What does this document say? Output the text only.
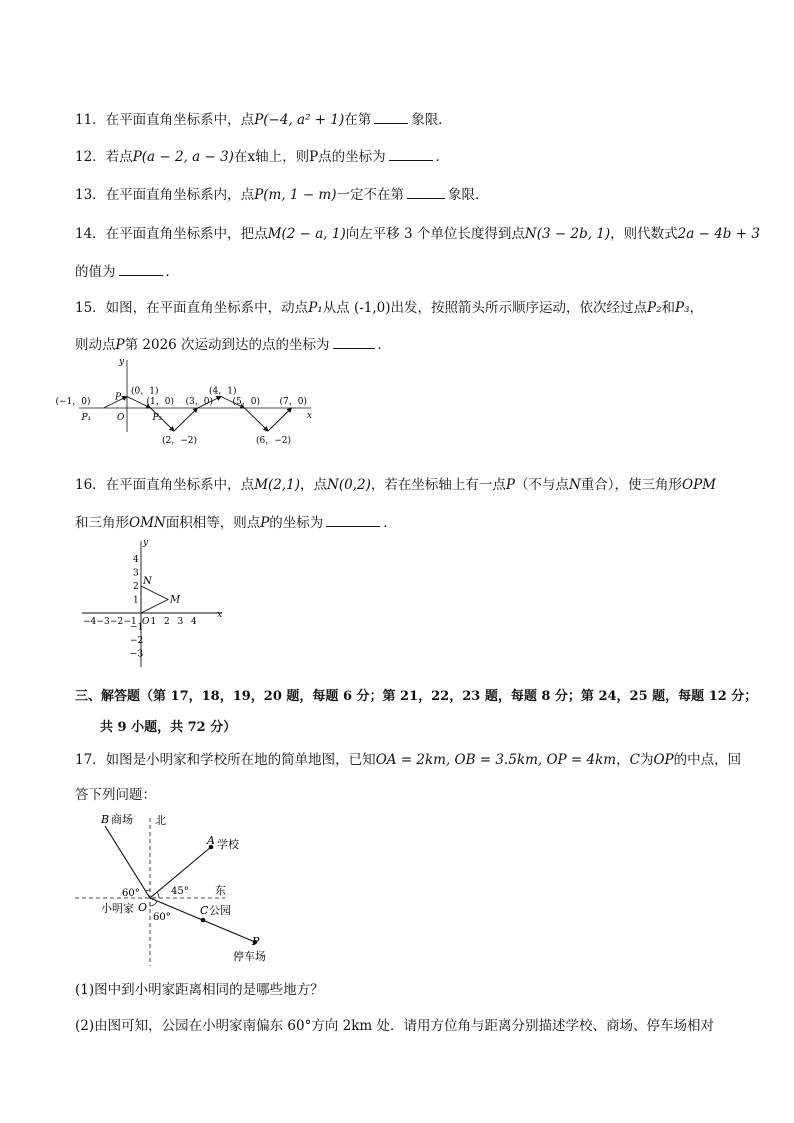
11．在平面直角坐标系中，点P(−4, a² + 1)在第	象限．
12．若点P(a − 2, a − 3)在x轴上，则P点的坐标为	．
13．在平面直角坐标系内，点P(m, 1 − m)一定不在第	象限．
14．在平面直角坐标系中，把点M(2 − a, 1)向左平移 3 个单位长度得到点N(3 − 2b, 1)，则代数式2a − 4b + 3
的值为	．
15．如图，在平面直角坐标系中，动点P₁从点 (-1,0)出发，按照箭头所示顺序运动，依次经过点P₂和P₃，
则动点P第 2026 次运动到达的点的坐标为	．
y
x
O
(−1，0)
P₁
(0，1)
P₂ (1，0)
P₃
(2，−2)
(3，0)
(4，1)
(5，0)
(6，−2)
(7，0)
16．在平面直角坐标系中，点M(2,1)，点N(0,2)，若在坐标轴上有一点P（不与点N重合），使三角形OPM
和三角形OMN面积相等，则点P的坐标为	．
−4 −3 −2 −1 1 2 3 4
4
3
2
1
−1
−2
−3
O
x
y
N
M
三、解答题（第 17，18，19，20 题，每题 6 分；第 21，22，23 题，每题 8 分；第 24，25 题，每题 12 分；
共 9 小题，共 72 分）
17．如图是小明家和学校所在地的简单地图，已知OA = 2km, OB = 3.5km, OP = 4km，C为OP的中点，回
答下列问题：
北
东
B 商场
A 学校
60°	45°
小明家 O
60°
C 公园
P
停车场
(1)图中到小明家距离相同的是哪些地方？
(2)由图可知，公园在小明家南偏东 60°方向 2km 处．请用方位角与距离分别描述学校、商场、停车场相对
